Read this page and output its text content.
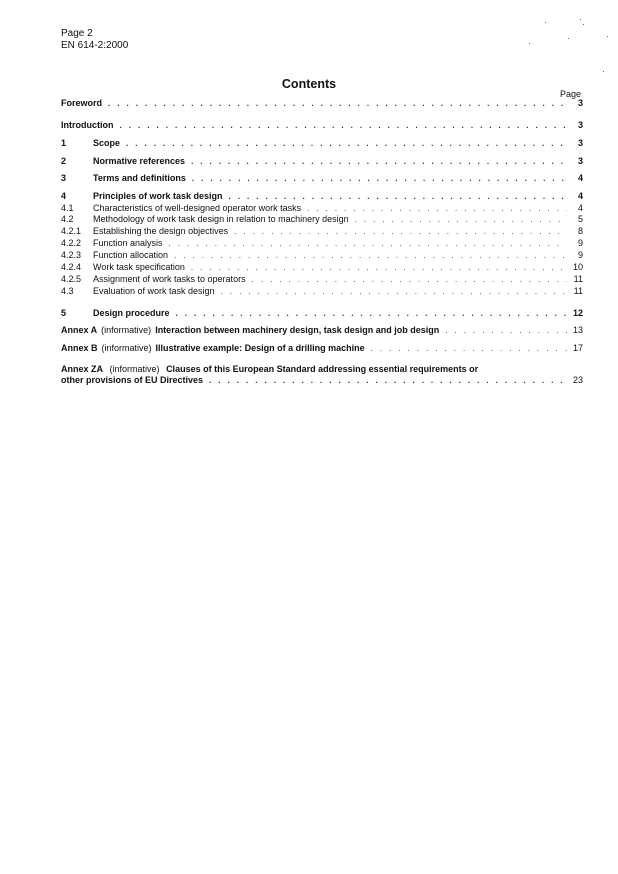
Page 2
EN 614-2:2000
Contents
Page
Foreword . . .	3
Introduction . . .	3
1	Scope . . .	3
2	Normative references . . .	3
3	Terms and definitions . . .	4
4	Principles of work task design . . .	4
4.1	Characteristics of well-designed operator work tasks . . .	4
4.2	Methodology of work task design in relation to machinery design . . .	5
4.2.1	Establishing the design objectives . . .	8
4.2.2	Function analysis . . .	9
4.2.3	Function allocation . . .	9
4.2.4	Work task specification . . .	10
4.2.5	Assignment of work tasks to operators . . .	11
4.3	Evaluation of work task design . . .	11
5	Design procedure . . .	12
Annex A (informative) Interaction between machinery design, task design and job design . . .	13
Annex B (informative) Illustrative example: Design of a drilling machine . . .	17
Annex ZA (informative) Clauses of this European Standard addressing essential requirements or
other provisions of EU Directives . . .	23
